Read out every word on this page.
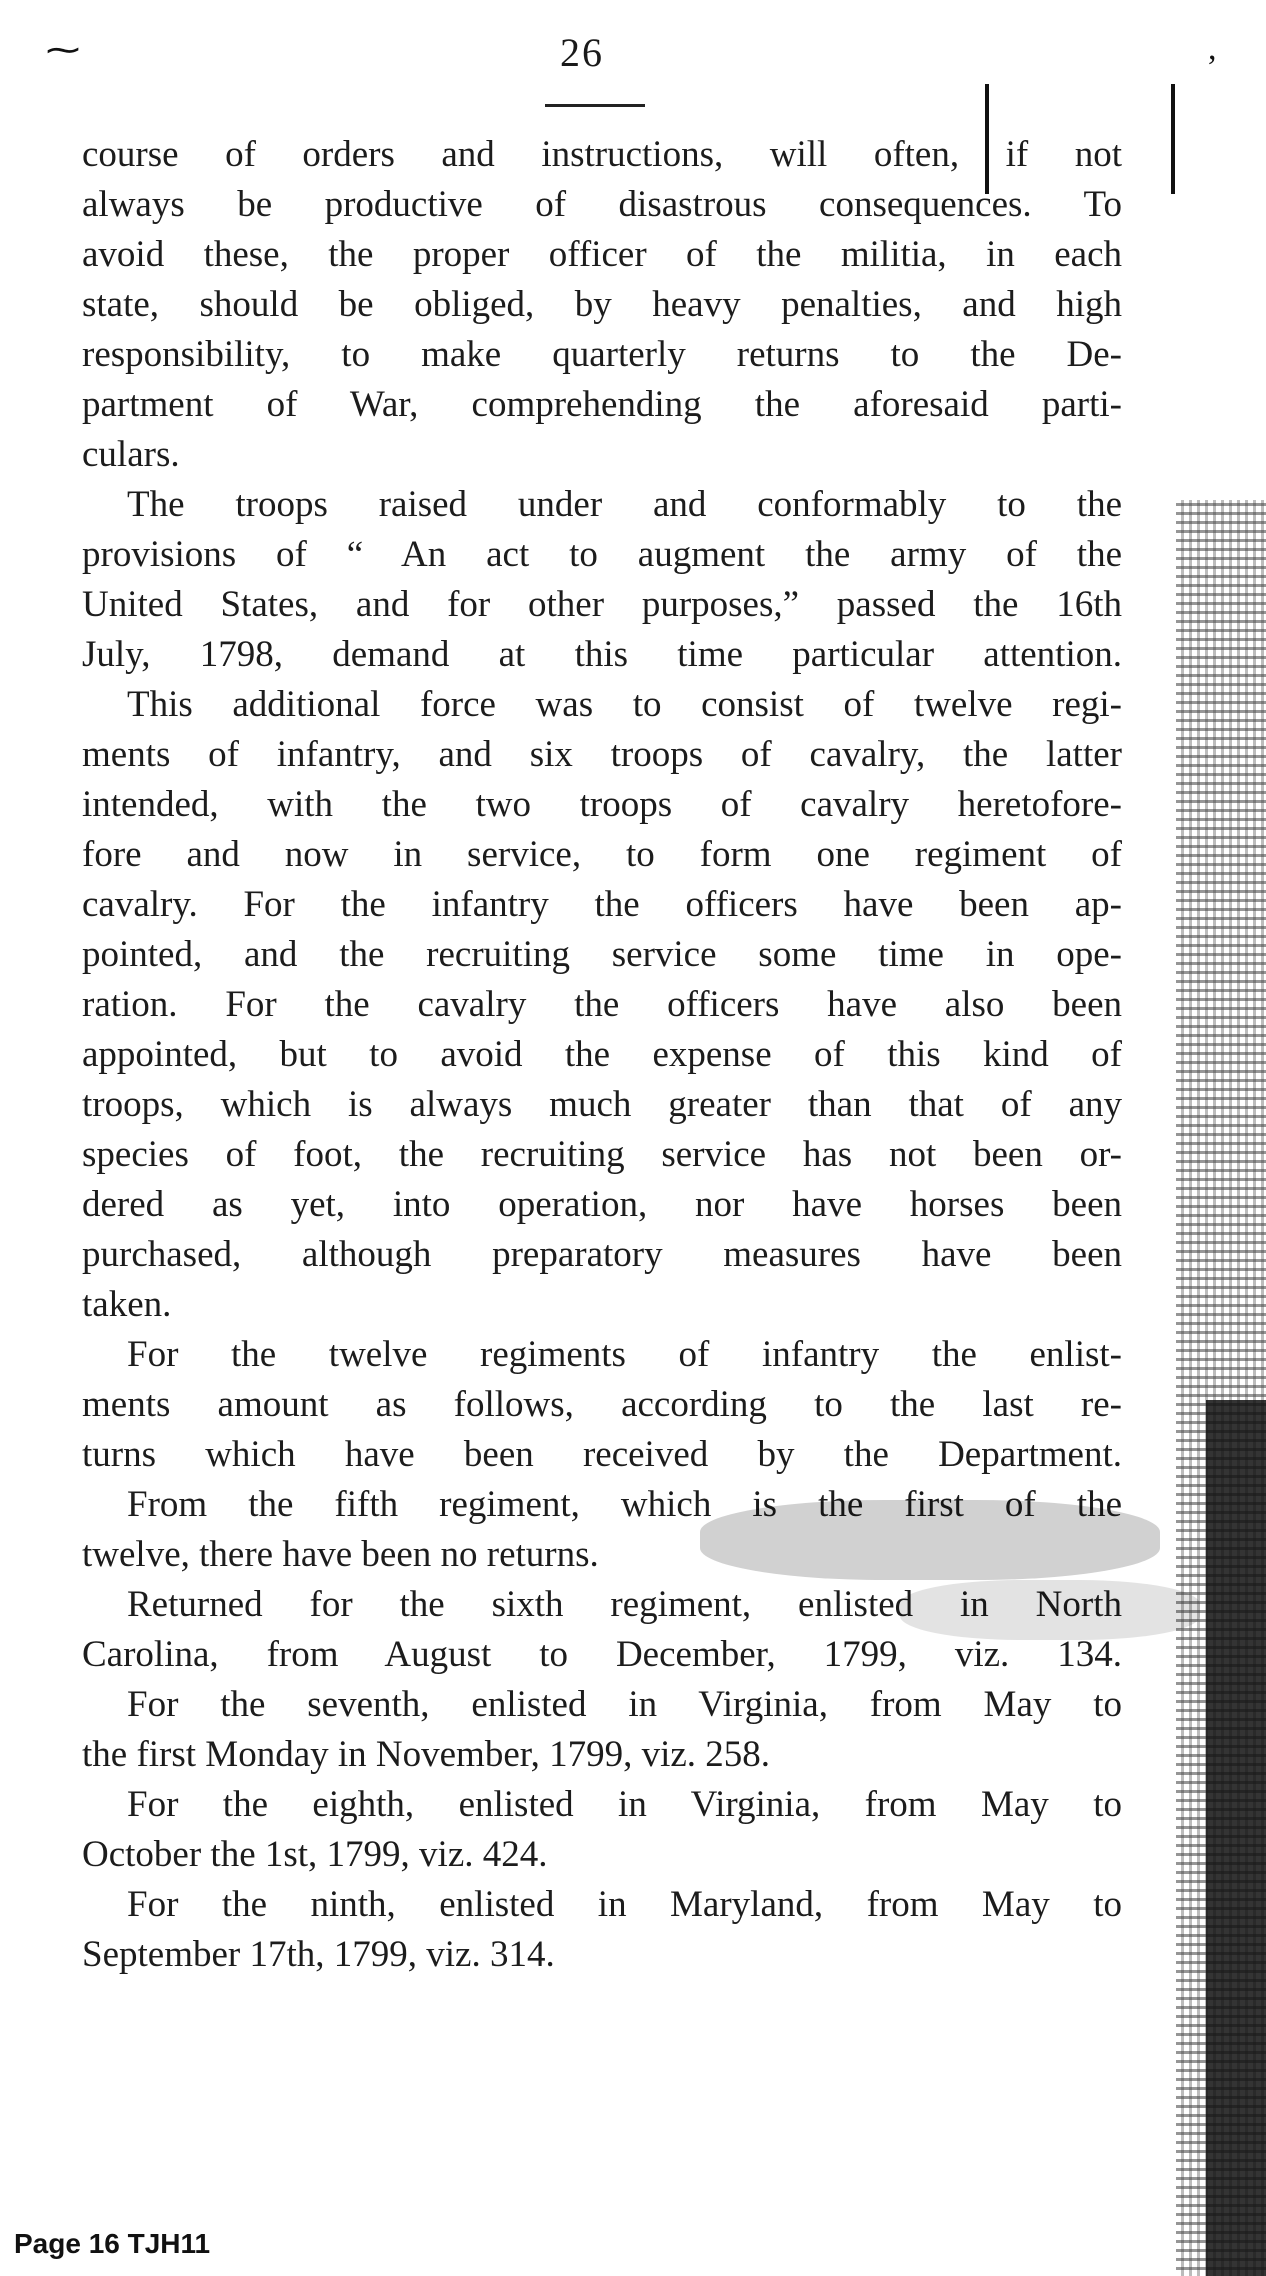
⁓	,
26
course of orders and instructions, will often, if not
always be productive of disastrous consequences. To
avoid these, the proper officer of the militia, in each
state, should be obliged, by heavy penalties, and high
responsibility, to make quarterly returns to the De-
partment of War, comprehending the aforesaid parti-
culars.
The troops raised under and conformably to the
provisions of “ An act to augment the army of the
United States, and for other purposes,” passed the 16th
July, 1798, demand at this time particular attention.
This additional force was to consist of twelve regi-
ments of infantry, and six troops of cavalry, the latter
intended, with the two troops of cavalry heretofore-
fore and now in service, to form one regiment of
cavalry. For the infantry the officers have been ap-
pointed, and the recruiting service some time in ope-
ration. For the cavalry the officers have also been
appointed, but to avoid the expense of this kind of
troops, which is always much greater than that of any
species of foot, the recruiting service has not been or-
dered as yet, into operation, nor have horses been
purchased, although preparatory measures have been
taken.
For the twelve regiments of infantry the enlist-
ments amount as follows, according to the last re-
turns which have been received by the Department.
From the fifth regiment, which is the first of the
twelve, there have been no returns.
Returned for the sixth regiment, enlisted in North
Carolina, from August to December, 1799, viz. 134.
For the seventh, enlisted in Virginia, from May to
the first Monday in November, 1799, viz. 258.
For the eighth, enlisted in Virginia, from May to
October the 1st, 1799, viz. 424.
For the ninth, enlisted in Maryland, from May to
September 17th, 1799, viz. 314.
Page 16 TJH11
